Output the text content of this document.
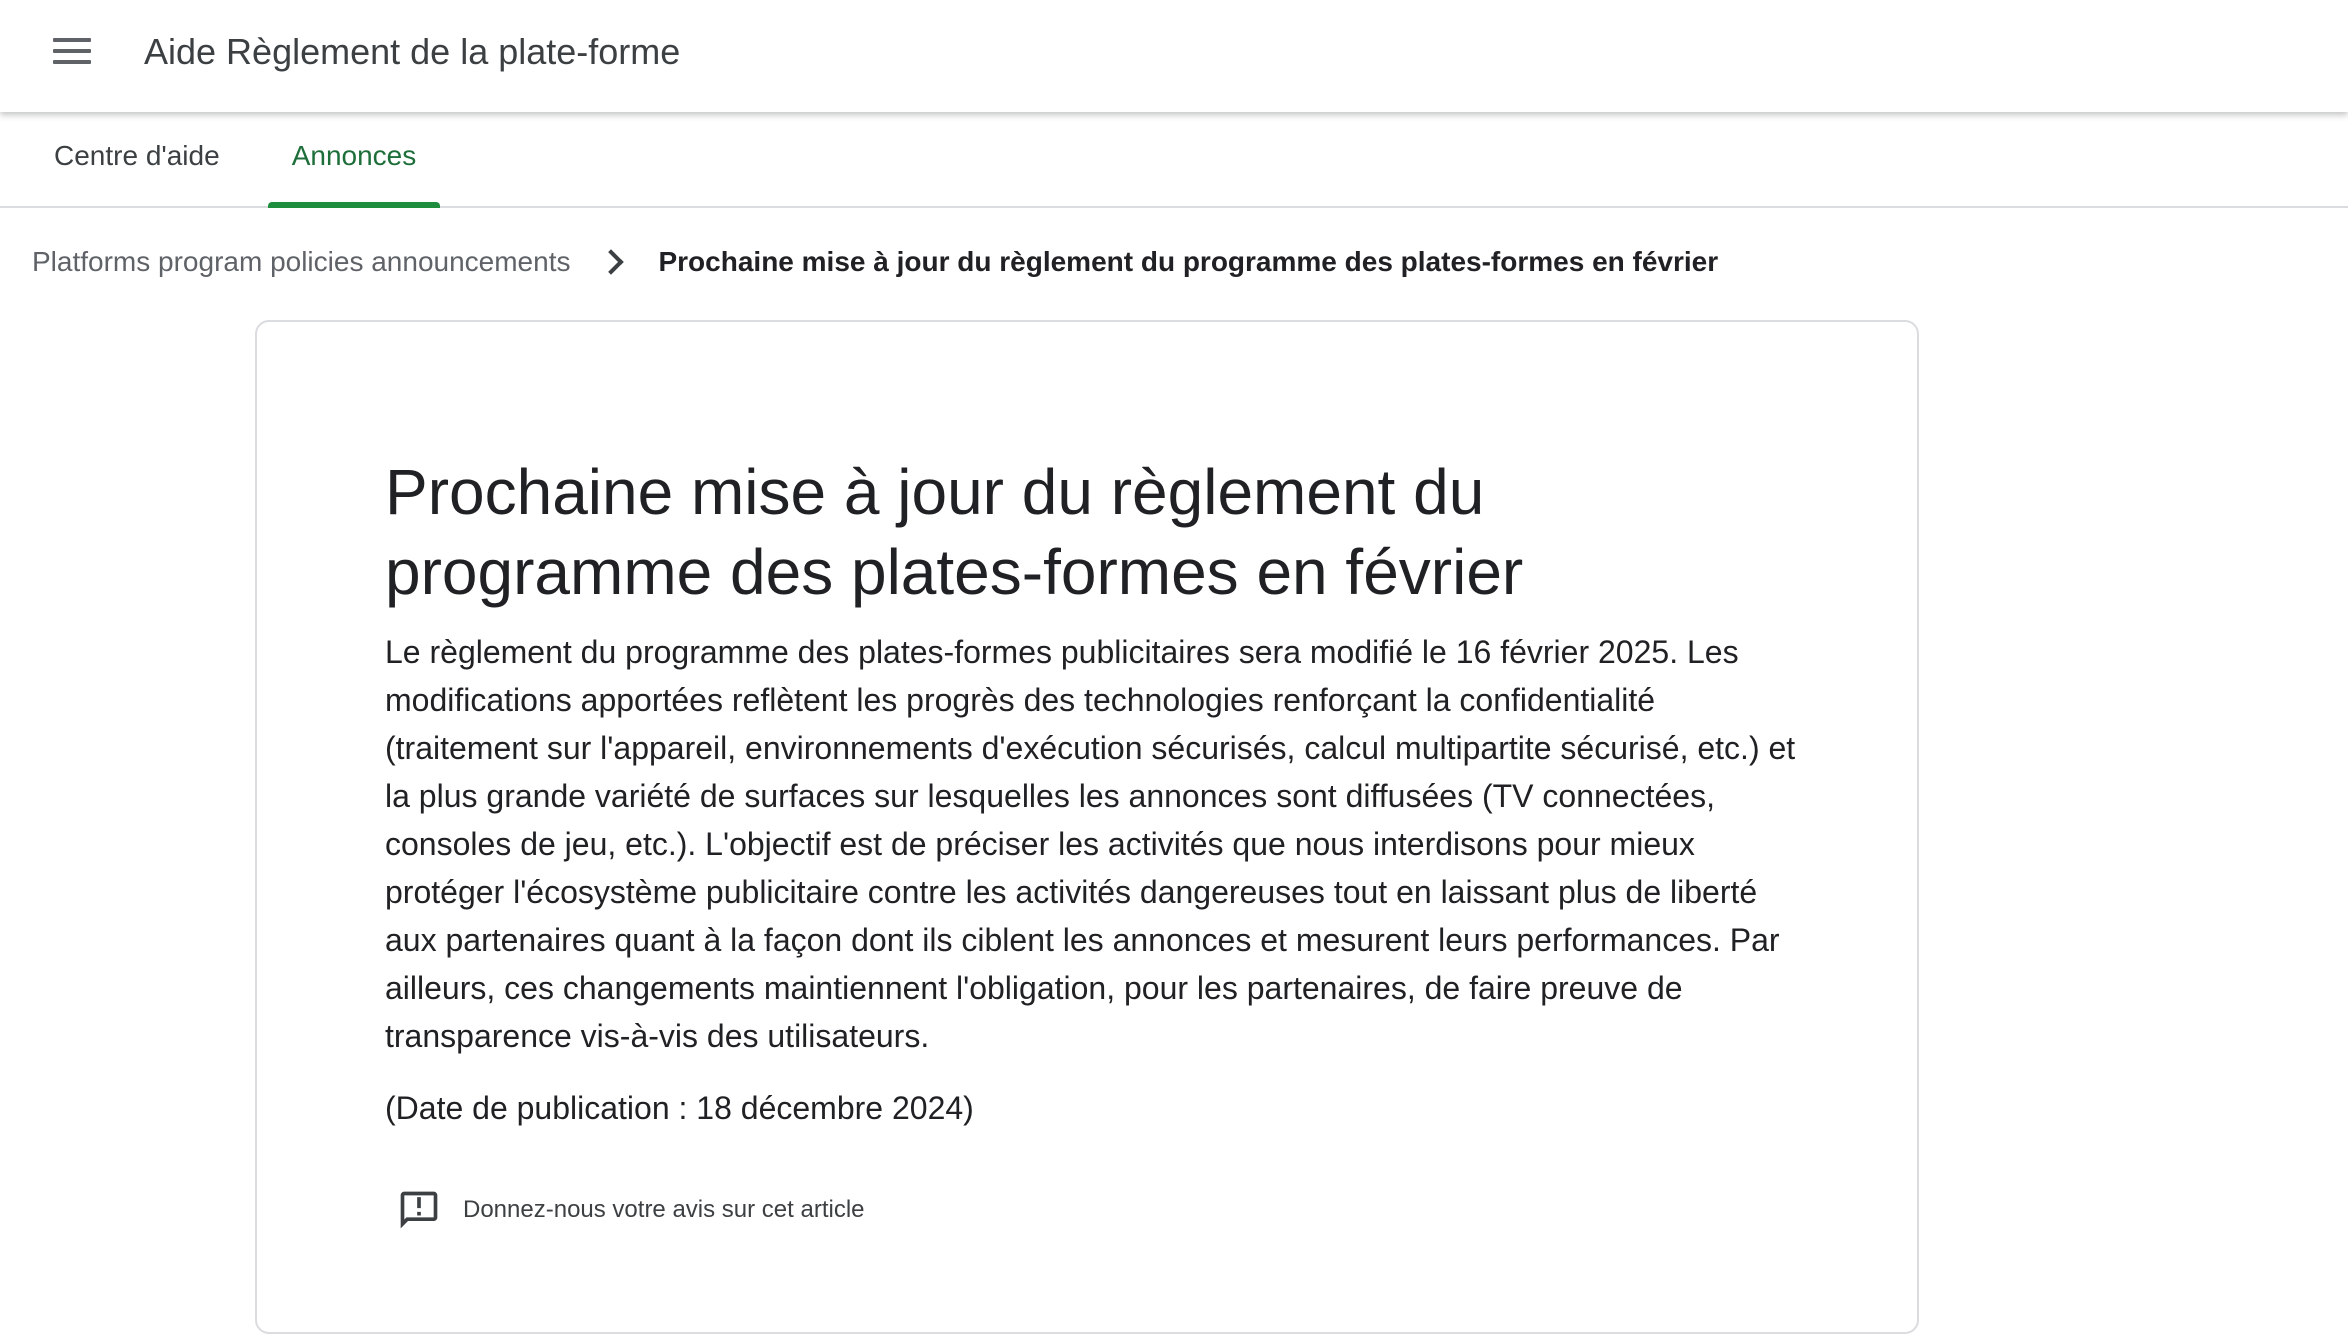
Aide Règlement de la plate-forme
Centre d'aide	Annonces
Platforms program policies announcements	Prochaine mise à jour du règlement du programme des plates-formes en février
Prochaine mise à jour du règlement du programme des plates-formes en février

Le règlement du programme des plates-formes publicitaires sera modifié le 16 février 2025. Les modifications apportées reflètent les progrès des technologies renforçant la confidentialité (traitement sur l'appareil, environnements d'exécution sécurisés, calcul multipartite sécurisé, etc.) et la plus grande variété de surfaces sur lesquelles les annonces sont diffusées (TV connectées, consoles de jeu, etc.). L'objectif est de préciser les activités que nous interdisons pour mieux protéger l'écosystème publicitaire contre les activités dangereuses tout en laissant plus de liberté aux partenaires quant à la façon dont ils ciblent les annonces et mesurent leurs performances. Par ailleurs, ces changements maintiennent l'obligation, pour les partenaires, de faire preuve de transparence vis-à-vis des utilisateurs.

(Date de publication : 18 décembre 2024)

Donnez-nous votre avis sur cet article
